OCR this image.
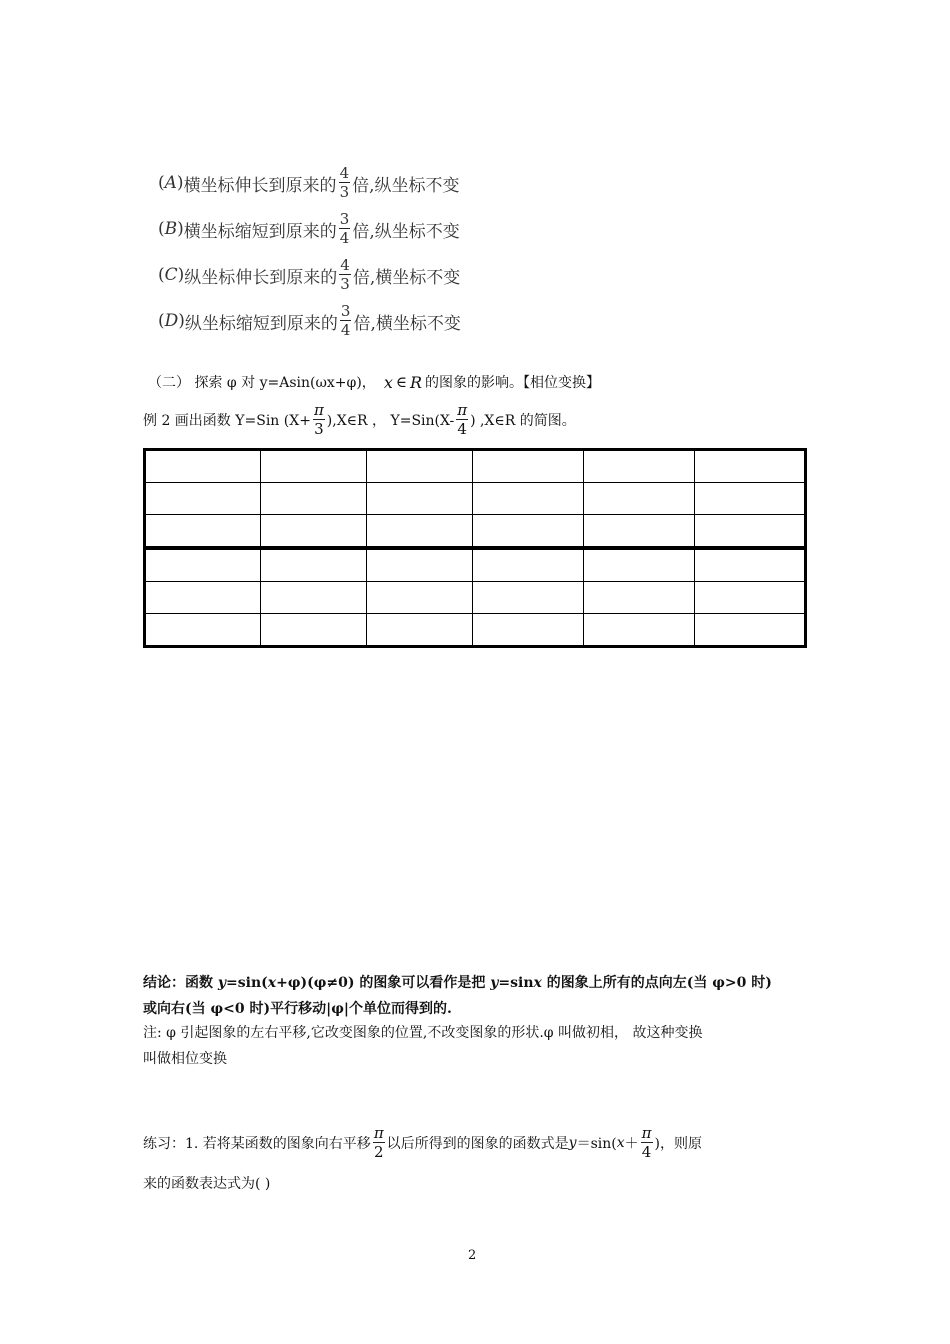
( A ) 横坐标伸长到原来的 $\frac{4}{3}$ 倍,纵坐标不变
( B ) 横坐标缩短到原来的 $\frac{3}{4}$ 倍,纵坐标不变
( C ) 纵坐标伸长到原来的 $\frac{4}{3}$ 倍,横坐标不变
( D ) 纵坐标缩短到原来的 $\frac{3}{4}$ 倍,横坐标不变
（二） 探索 φ 对 y=Asin(ωx+φ)， x ∈ R 的图象的影响。【相位变换】
例 2 画出函数 Y=Sin ($X+ \frac{\pi}{3}$ ),X∈R ， $Y=Sin(X- \frac{\pi}{4}$ ) ,X∈R 的简图。

结论：函数 y=sin(x+φ)(φ≠0) 的图象可以看作是把 y=sinx 的图象上所有的点向左(当 φ>0 时)
或向右(当 φ<0 时)平行移动|φ|个单位而得到的.
注: φ 引起图象的左右平移,它改变图象的位置,不改变图象的形状.φ 叫做初相， 故这种变换
叫做相位变换
练习：1. 若将某函数的图象向右平移 $\frac{\pi}{2}$ 以后所得到的图象的函数式是 y ＝sin( $x + \frac{\pi}{4}$ )，则原
来的函数表达式为( )
2
